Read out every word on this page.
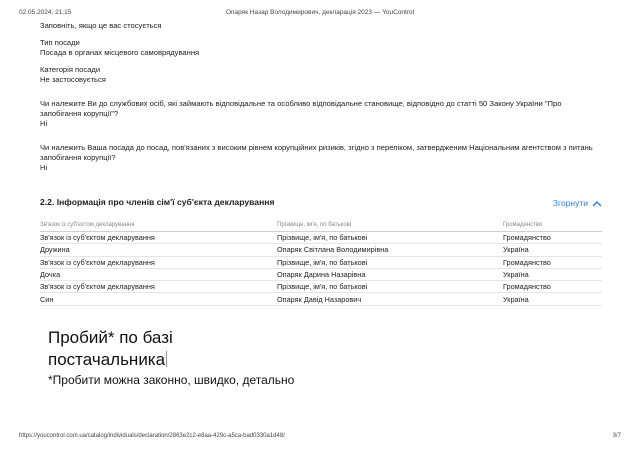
02.05.2024, 21:15	Опаряк Назар Володимирович, декларація 2023 — YouControl
Заповніть, якщо це вас стосується
Тип посади
Посада в органах місцевого самоврядування
Категорія посади
Не застосовується
Чи належите Ви до службових осіб, які займають відповідальне та особливо відповідальне становище, відповідно до статті 50 Закону України "Про запобігання корупції"?
Ні
Чи належить Ваша посада до посад, пов'язаних з високим рівнем корупційних ризиків, згідно з переліком, затвердженим Національним агентством з питань запобігання корупції?
Ні
2.2. Інформація про членів сім'ї суб'єкта декларування	Згорнути
Зв'язок із суб'єктом декларування	Прізвище, ім'я, по батькові	Громадянство
Зв'язок із суб'єктом декларування	Прізвище, ім'я, по батькові	Громадянство
Дружина	Опаряк Світлана Володимирівна	Україна
Зв'язок із суб'єктом декларування	Прізвище, ім'я, по батькові	Громадянство
Дочка	Опаряк Дарина Назарівна	Україна
Зв'язок із суб'єктом декларування	Прізвище, ім'я, по батькові	Громадянство
Син	Опаряк Давід Назарович	Україна
Пробий* по базі
постачальника
*Пробити можна законно, швидко, детально
https://youcontrol.com.ua/catalog/individuals/declaration/2863e2c2-e8aa-429c-a5ca-bad0330a1d48/	3/7
